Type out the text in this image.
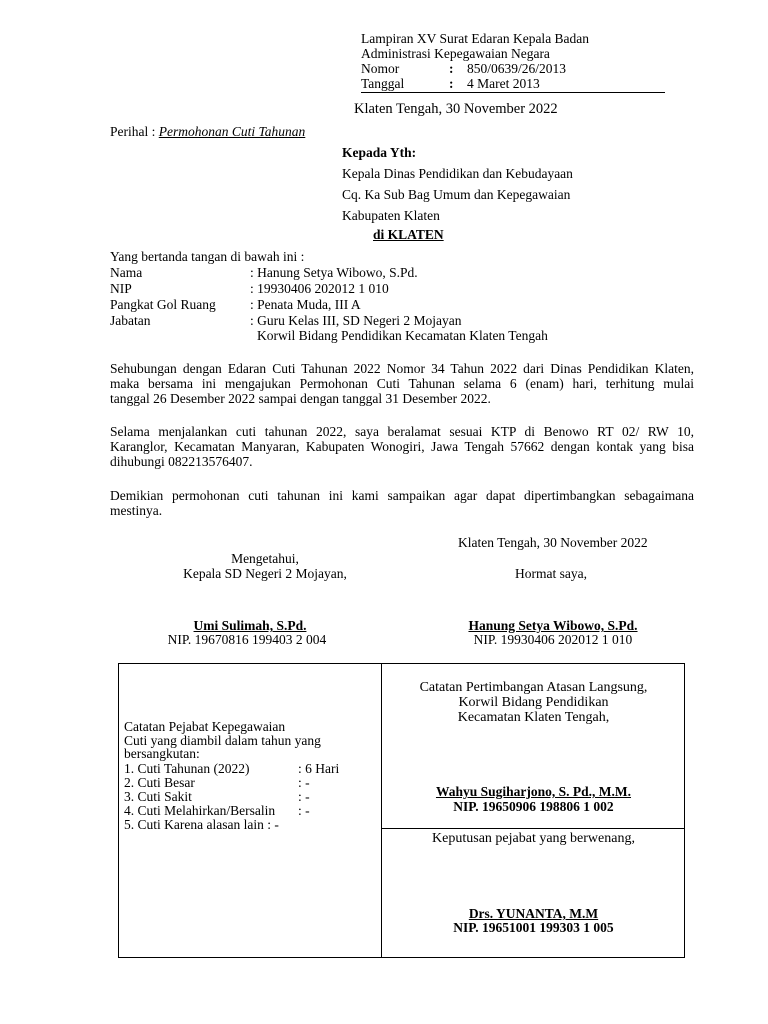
Lampiran XV Surat Edaran Kepala Badan
Administrasi Kepegawaian Negara
Nomor	:	850/0639/26/2013
Tanggal	:	4 Maret 2013
Klaten Tengah, 30 November 2022
Perihal : Permohonan Cuti Tahunan
Kepada Yth:
Kepala Dinas Pendidikan dan Kebudayaan
Cq. Ka Sub Bag Umum dan Kepegawaian
Kabupaten Klaten
di KLATEN
Yang bertanda tangan di bawah ini :
Nama	: Hanung Setya Wibowo, S.Pd.
NIP	: 19930406 202012 1 010
Pangkat Gol Ruang	: Penata Muda, III A
Jabatan	: Guru Kelas III, SD Negeri 2 Mojayan
Korwil Bidang Pendidikan Kecamatan Klaten Tengah
Sehubungan dengan Edaran Cuti Tahunan 2022 Nomor 34 Tahun 2022 dari Dinas Pendidikan Klaten,
maka bersama ini mengajukan Permohonan Cuti Tahunan selama 6 (enam) hari, terhitung mulai
tanggal 26 Desember 2022 sampai dengan tanggal 31 Desember 2022.
Selama menjalankan cuti tahunan 2022, saya beralamat sesuai KTP di Benowo RT 02/ RW 10,
Karanglor, Kecamatan Manyaran, Kabupaten Wonogiri, Jawa Tengah 57662 dengan kontak yang bisa
dihubungi 082213576407.
Demikian permohonan cuti tahunan ini kami sampaikan agar dapat dipertimbangkan sebagaimana
mestinya.
Klaten Tengah, 30 November 2022
Mengetahui,
Kepala SD Negeri 2 Mojayan,	Hormat saya,
Umi Sulimah, S.Pd.
NIP. 19670816 199403 2 004
Hanung Setya Wibowo, S.Pd.
NIP. 19930406 202012 1 010
Catatan Pejabat Kepegawaian
Cuti yang diambil dalam tahun yang
bersangkutan:
1. Cuti Tahunan (2022)	: 6 Hari
2. Cuti Besar	: -
3. Cuti Sakit	: -
4. Cuti Melahirkan/Bersalin	: -
5. Cuti Karena alasan lain : -
Catatan Pertimbangan Atasan Langsung,
Korwil Bidang Pendidikan
Kecamatan Klaten Tengah,
Wahyu Sugiharjono, S. Pd., M.M.
NIP. 19650906 198806 1 002
Keputusan pejabat yang berwenang,
Drs. YUNANTA, M.M
NIP. 19651001 199303 1 005
